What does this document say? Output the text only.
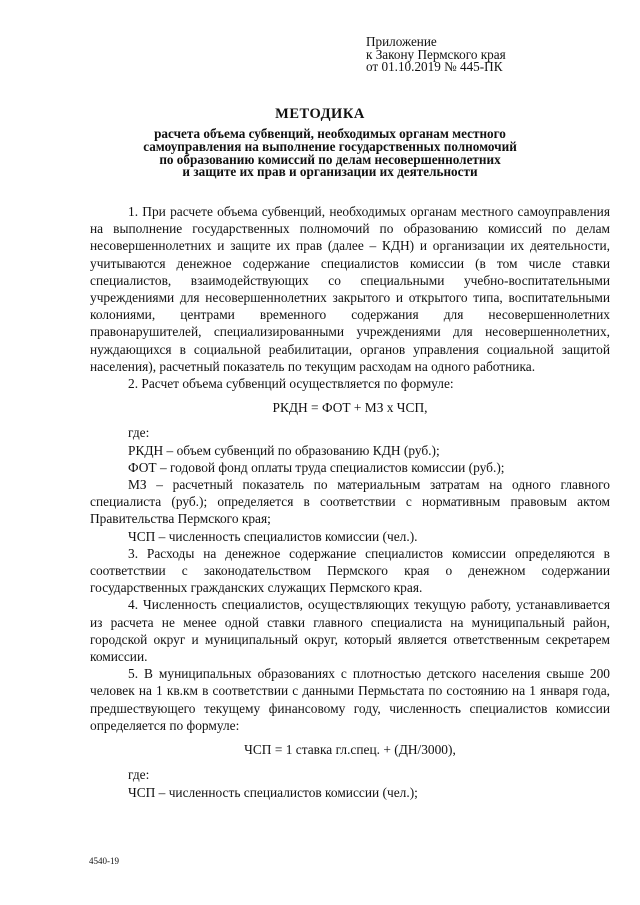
Приложение
к Закону Пермского края
от 01.10.2019 № 445-ПК
МЕТОДИКА
расчета объема субвенций, необходимых органам местного
самоуправления на выполнение государственных полномочий
по образованию комиссий по делам несовершеннолетних
и защите их прав и организации их деятельности

1. При расчете объема субвенций, необходимых органам местного самоуправления на выполнение государственных полномочий по образованию комиссий по делам несовершеннолетних и защите их прав (далее – КДН) и организации их деятельности, учитываются денежное содержание специалистов комиссии (в том числе ставки специалистов, взаимодействующих со специальными учебно-воспитательными учреждениями для несовершеннолетних закрытого и открытого типа, воспитательными колониями, центрами временного содержания для несовершеннолетних правонарушителей, специализированными учреждениями для несовершеннолетних, нуждающихся в социальной реабилитации, органов управления социальной защитой населения), расчетный показатель по текущим расходам на одного работника.

2. Расчет объема субвенций осуществляется по формуле:

РКДН = ФОТ + МЗ х ЧСП,

где:

РКДН – объем субвенций по образованию КДН (руб.);

ФОТ – годовой фонд оплаты труда специалистов комиссии (руб.);

МЗ – расчетный показатель по материальным затратам на одного главного специалиста (руб.); определяется в соответствии с нормативным правовым актом Правительства Пермского края;

ЧСП – численность специалистов комиссии (чел.).

3. Расходы на денежное содержание специалистов комиссии определяются в соответствии с законодательством Пермского края о денежном содержании государственных гражданских служащих Пермского края.

4. Численность специалистов, осуществляющих текущую работу, устанавливается из расчета не менее одной ставки главного специалиста на муниципальный район, городской округ и муниципальный округ, который является ответственным секретарем комиссии.

5. В муниципальных образованиях с плотностью детского населения свыше 200 человек на 1 кв.км в соответствии с данными Пермьстата по состоянию на 1 января года, предшествующего текущему финансовому году, численность специалистов комиссии определяется по формуле:

ЧСП = 1 ставка гл.спец. + (ДН/3000),

где:

ЧСП – численность специалистов комиссии (чел.);

4540-19
